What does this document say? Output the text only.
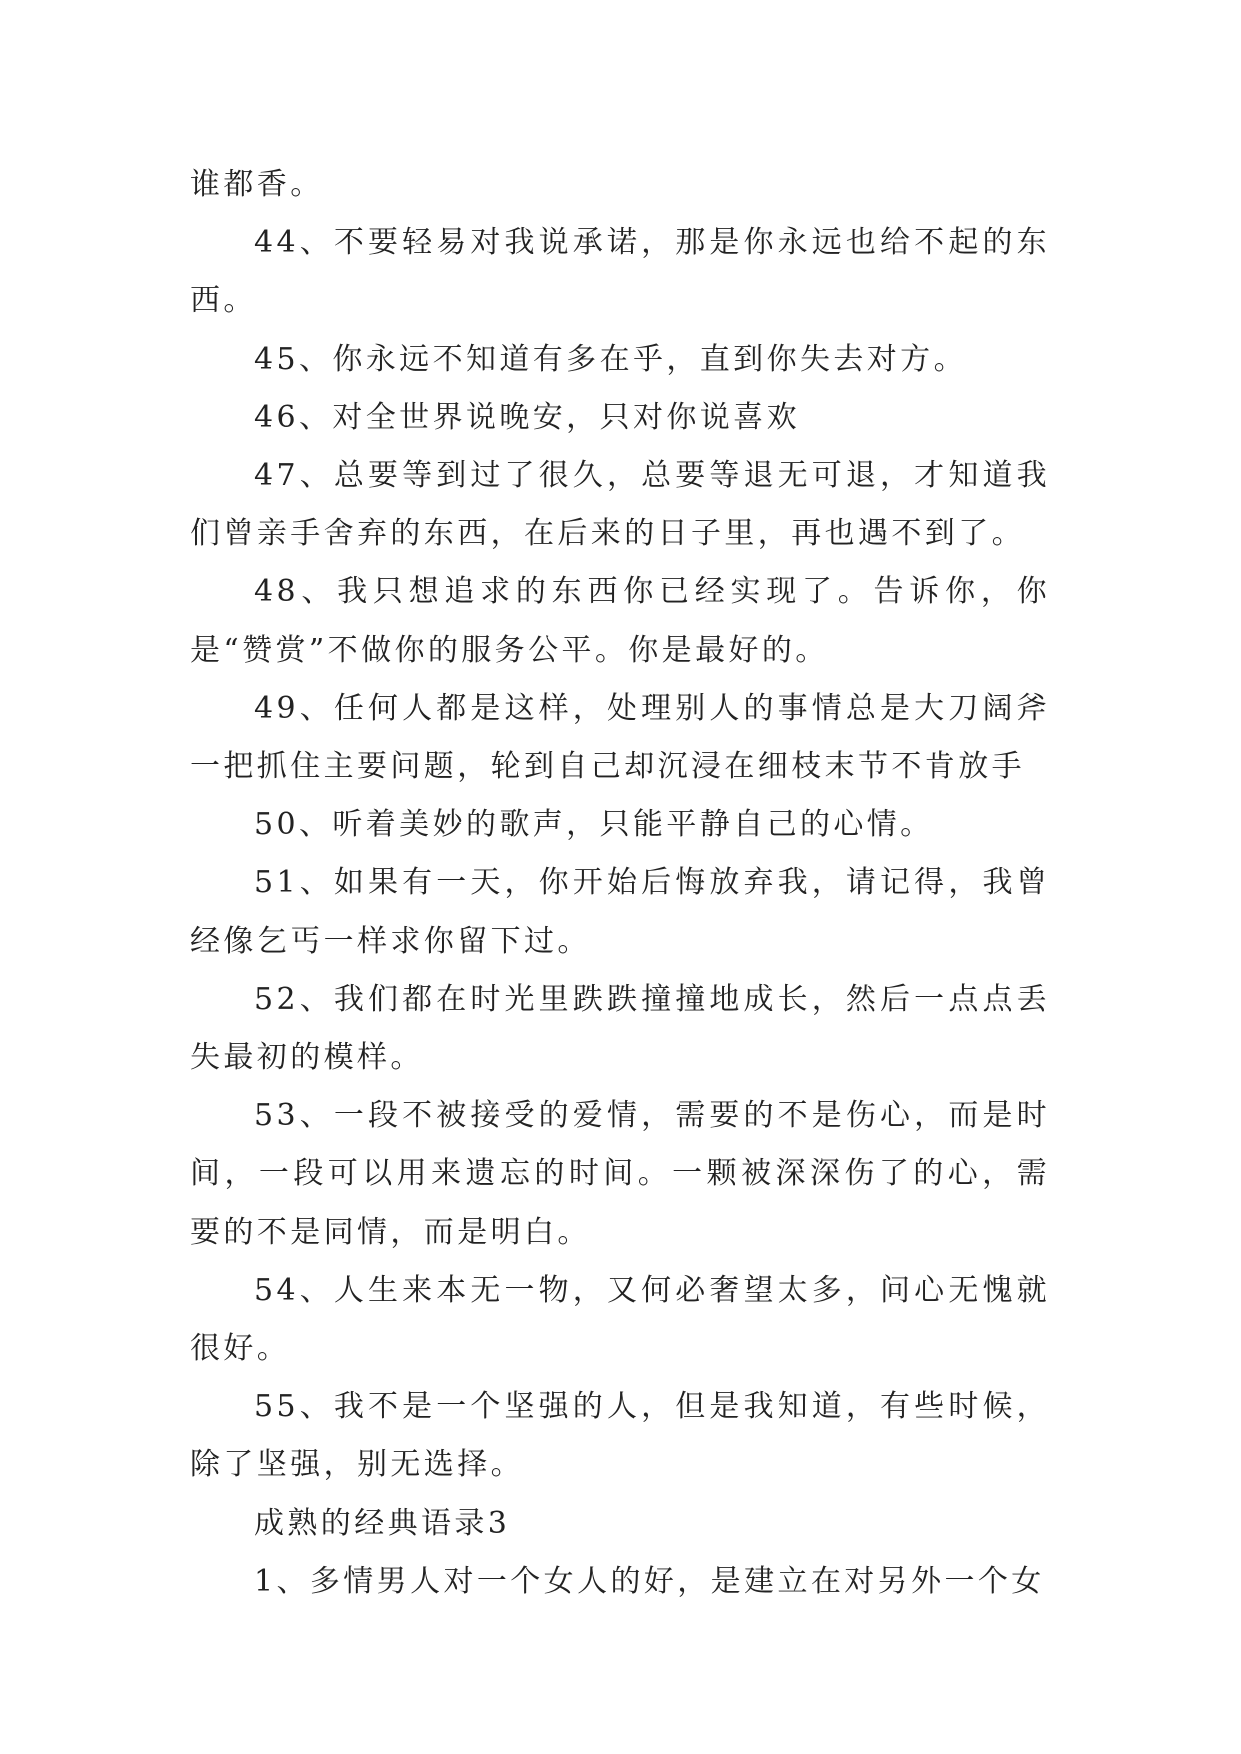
谁都香。

44、不要轻易对我说承诺，那是你永远也给不起的东西。

45、你永远不知道有多在乎，直到你失去对方。

46、对全世界说晚安，只对你说喜欢

47、总要等到过了很久，总要等退无可退，才知道我们曾亲手舍弃的东西，在后来的日子里，再也遇不到了。

48、我只想追求的东西你已经实现了。告诉你，你是“赞赏”不做你的服务公平。你是最好的。

49、任何人都是这样，处理别人的事情总是大刀阔斧一把抓住主要问题，轮到自己却沉浸在细枝末节不肯放手

50、听着美妙的歌声，只能平静自己的心情。

51、如果有一天，你开始后悔放弃我，请记得，我曾经像乞丐一样求你留下过。

52、我们都在时光里跌跌撞撞地成长，然后一点点丢失最初的模样。

53、一段不被接受的爱情，需要的不是伤心，而是时间，一段可以用来遗忘的时间。一颗被深深伤了的心，需要的不是同情，而是明白。

54、人生来本无一物，又何必奢望太多，问心无愧就很好。

55、我不是一个坚强的人，但是我知道，有些时候，除了坚强，别无选择。

成熟的经典语录3

1、多情男人对一个女人的好，是建立在对另外一个女
